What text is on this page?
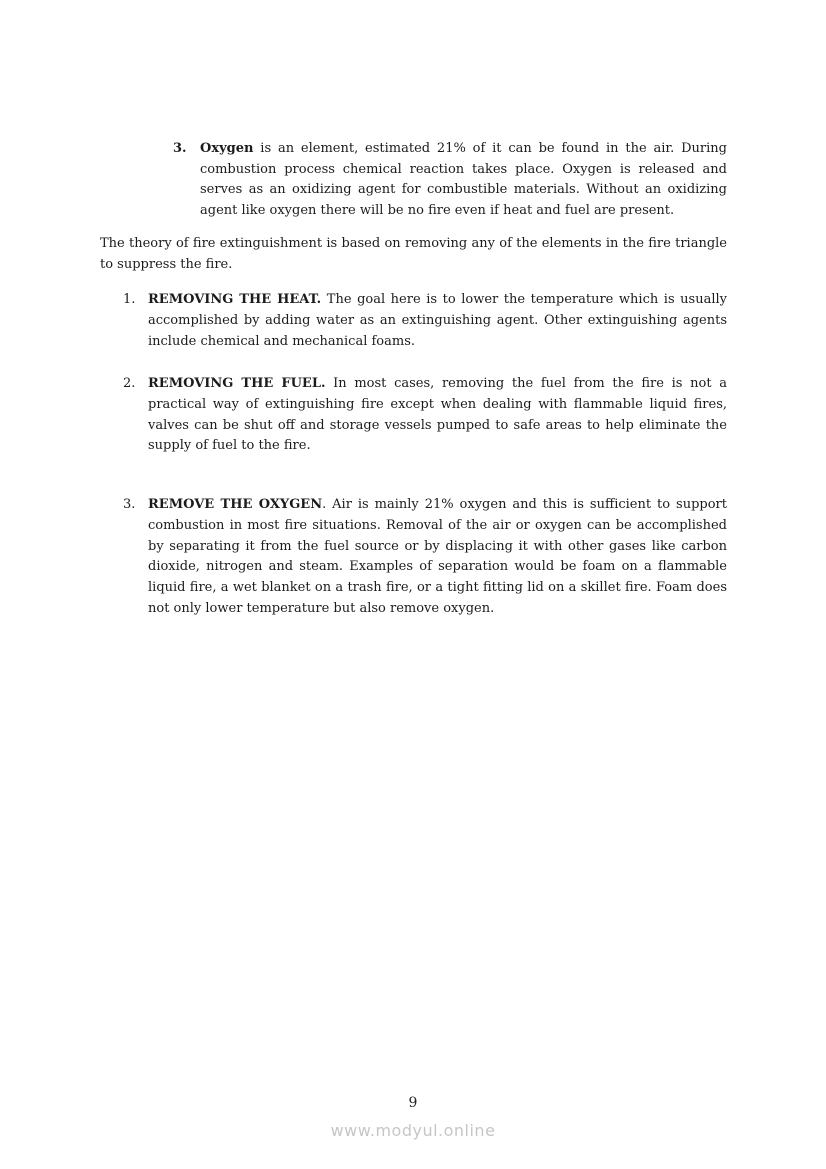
3.	Oxygen is an element, estimated 21% of it can be found in the air. During combustion process chemical reaction takes place. Oxygen is released and serves as an oxidizing agent for combustible materials. Without an oxidizing agent like oxygen there will be no fire even if heat and fuel are present.

The theory of fire extinguishment is based on removing any of the elements in the fire triangle to suppress the fire.

1. REMOVING THE HEAT. The goal here is to lower the temperature which is usually accomplished by adding water as an extinguishing agent. Other extinguishing agents include chemical and mechanical foams.

2. REMOVING THE FUEL. In most cases, removing the fuel from the fire is not a practical way of extinguishing fire except when dealing with flammable liquid fires, valves can be shut off and storage vessels pumped to safe areas to help eliminate the supply of fuel to the fire.

3. REMOVE THE OXYGEN. Air is mainly 21% oxygen and this is sufficient to support combustion in most fire situations. Removal of the air or oxygen can be accomplished by separating it from the fuel source or by displacing it with other gases like carbon dioxide, nitrogen and steam. Examples of separation would be foam on a flammable liquid fire, a wet blanket on a trash fire, or a tight fitting lid on a skillet fire. Foam does not only lower temperature but also remove oxygen.

9
www.modyul.online
